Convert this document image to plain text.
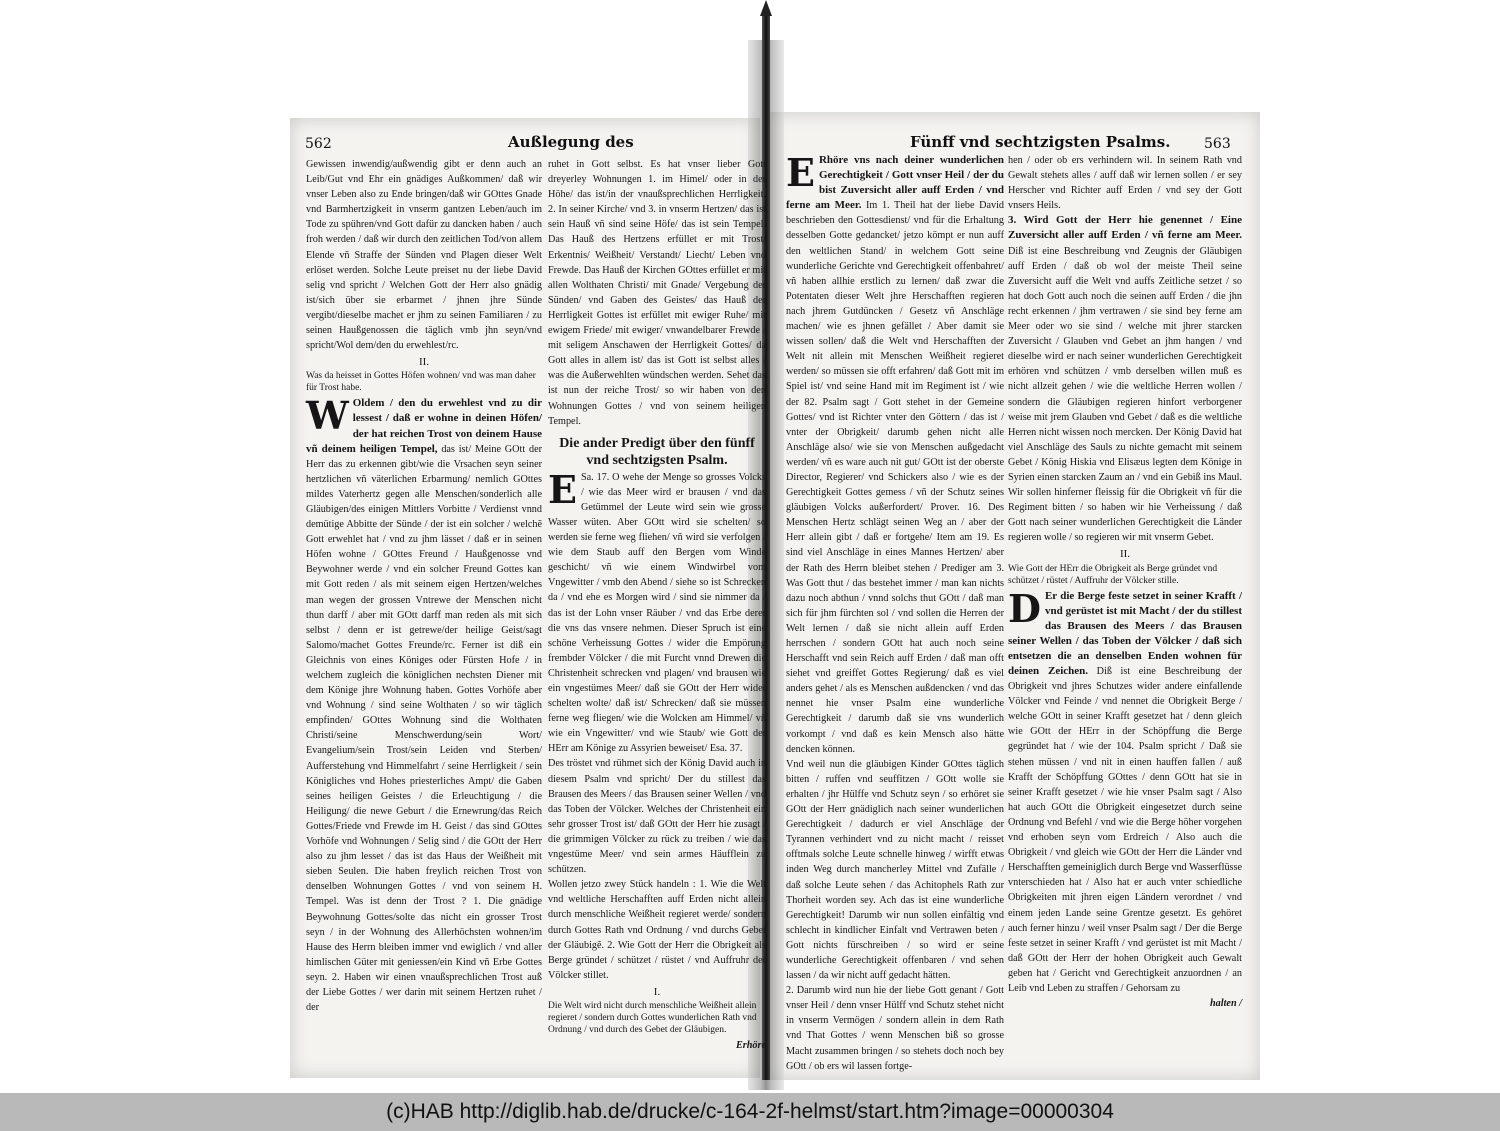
562	Außlegung des	Fünff vnd sechtzigsten Psalms. 563

Gewissen inwendig/außwendig gibt er denn auch an Leib/Gut vnd Ehr ein gnädiges Außkommen/ daß wir vnser Leben also zu Ende bringen/daß wir GOttes Gnade vnd Barmhertzigkeit in vnserm gantzen Leben/auch im Tode zu spühren/vnd Gott dafür zu dancken haben / auch froh werden / daß wir durch den zeitlichen Tod/von allem Elende vñ Straffe der Sünden vnd Plagen dieser Welt erlöset werden. Solche Leute preiset nu der liebe David selig vnd spricht / Welchen Gott der Herr also gnädig ist/sich über sie erbarmet / jhnen jhre Sünde vergibt/dieselbe machet er jhm zu seinen Familiaren / zu seinen Haußgenossen die täglich vmb jhn seyn/vnd spricht/Wol dem/den du erwehlest/rc.

II.
Was da heisset in Gottes Höfen wohnen/ vnd was man daher für Trost habe.

W Oldem / den du erwehlest vnd zu dir lessest / daß er wohne in deinen Höfen/ der hat reichen Trost von deinem Hause vñ deinem heiligen Tempel, das ist/ Meine GOtt der Herr das zu erkennen gibt/wie die Vrsachen seyn seiner hertzlichen vñ väterlichen Erbarmung/ nemlich GOttes mildes Vaterhertz gegen alle Menschen/sonderlich alle Gläubigen/des einigen Mittlers Vorbitte / Verdienst vnnd demütige Abbitte der Sünde / der ist ein solcher / welchẽ Gott erwehlet hat / vnd zu jhm lässet / daß er in seinen Höfen wohne / GOttes Freund / Haußgenosse vnd Beywohner werde / vnd ein solcher Freund Gottes kan mit Gott reden / als mit seinem eigen Hertzen/welches man wegen der grossen Vntrewe der Menschen nicht thun darff / aber mit GOtt darff man reden als mit sich selbst / denn er ist getrewe/der heilige Geist/sagt Salomo/machet Gottes Freunde/rc. Ferner ist diß ein Gleichnis von eines Königes oder Fürsten Hofe / in welchem zugleich die königlichen nechsten Diener mit dem Könige jhre Wohnung haben. Gottes Vorhöfe aber vnd Wohnung / sind seine Wolthaten / so wir täglich empfinden/ GOttes Wohnung sind die Wolthaten Christi/seine Menschwerdung/sein Wort/ Evangelium/sein Trost/sein Leiden vnd Sterben/ Aufferstehung vnd Himmelfahrt / seine Herrligkeit / sein Königliches vnd Hohes priesterliches Ampt/ die Gaben seines heiligen Geistes / die Erleuchtigung / die Heiligung/ die newe Geburt / die Ernewrung/das Reich Gottes/Friede vnd Frewde im H. Geist / das sind GOttes Vorhöfe vnd Wohnungen / Selig sind / die GOtt der Herr also zu jhm lesset / das ist das Haus der Weißheit mit sieben Seulen. Die haben freylich reichen Trost von denselben Wohnungen Gottes / vnd von seinem H. Tempel. Was ist denn der Trost ? 1. Die gnädige Beywohnung Gottes/solte das nicht ein grosser Trost seyn / in der Wohnung des Allerhöchsten wohnen/im Hause des Herrn bleiben immer vnd ewiglich / vnd aller himlischen Güter mit geniessen/ein Kind vñ Erbe Gottes seyn. 2. Haben wir einen vnaußsprechlichen Trost auß der Liebe Gottes / wer darin mit seinem Hertzen ruhet / der

ruhet in Gott selbst. Es hat vnser lieber Gott dreyerley Wohnungen 1. im Himel/ oder in der Höhe/ das ist/in der vnaußsprechlichen Herrligkeit. 2. In seiner Kirche/ vnd 3. in vnserm Hertzen/ das ist sein Hauß vñ sind seine Höfe/ das ist sein Tempel. Das Hauß des Hertzens erfüllet er mit Trost/ Erkentnis/ Weißheit/ Verstandt/ Liecht/ Leben vnd Frewde. Das Hauß der Kirchen GOttes erfüllet er mit allen Wolthaten Christi/ mit Gnade/ Vergebung der Sünden/ vnd Gaben des Geistes/ das Hauß der Herrligkeit Gottes ist erfüllet mit ewiger Ruhe/ mit ewigem Friede/ mit ewiger/ vnwandelbarer Frewde / mit seligem Anschawen der Herrligkeit Gottes/ da Gott alles in allem ist/ das ist Gott ist selbst alles / was die Außerwehlten wündschen werden. Sehet das ist nun der reiche Trost/ so wir haben von den Wohnungen Gottes / vnd von seinem heiligen Tempel.

Die ander Predigt über den fünff vnd sechtzigsten Psalm.

E Sa. 17. O wehe der Menge so grosses Volcks / wie das Meer wird er brausen / vnd das Getümmel der Leute wird sein wie grosse Wasser wüten. Aber GOtt wird sie schelten/ so werden sie ferne weg fliehen/ vñ wird sie verfolgen / wie dem Staub auff den Bergen vom Winde geschicht/ vñ wie einem Windwirbel vom Vngewitter / vmb den Abend / siehe so ist Schrecken da / vnd ehe es Morgen wird / sind sie nimmer da / das ist der Lohn vnser Räuber / vnd das Erbe derer die vns das vnsere nehmen. Dieser Spruch ist eine schöne Verheissung Gottes / wider die Empörung frembder Völcker / die mit Furcht vnnd Drewen die Christenheit schrecken vnd plagen/ vnd brausen wie ein vngestümes Meer/ daß sie GOtt der Herr wider schelten wolte/ daß ist/ Schrecken/ daß sie müssen ferne weg fliegen/ wie die Wolcken am Himmel/ vñ wie ein Vngewitter/ vnd wie Staub/ wie Gott der HErr am Könige zu Assyrien beweiset/ Esa. 37.

Des tröstet vnd rühmet sich der König David auch in diesem Psalm vnd spricht/ Der du stillest das Brausen des Meers / das Brausen seiner Wellen / vnd das Toben der Völcker. Welches der Christenheit ein sehr grosser Trost ist/ daß GOtt der Herr hie zusagt / die grimmigen Völcker zu rück zu treiben / wie das vngestüme Meer/ vnd sein armes Häufflein zu schützen.

Wollen jetzo zwey Stück handeln : 1. Wie die Welt vnd weltliche Herschafften auff Erden nicht allein durch menschliche Weißheit regieret werde/ sondern durch Gottes Rath vnd Ordnung / vnd durchs Gebet der Gläubigẽ. 2. Wie Gott der Herr die Obrigkeit als Berge gründet / schützet / rüstet / vnd Auffruhr der Völcker stillet.

I.
Die Welt wird nicht durch menschliche Weißheit allein regieret / sondern durch Gottes wunderlichen Rath vnd Ordnung / vnd durch des Gebet der Gläubigen.
Erhöre

E Rhöre vns nach deiner wunderlichen Gerechtigkeit / Gott vnser Heil / der du bist Zuversicht aller auff Erden / vnd ferne am Meer. Im 1. Theil hat der liebe David beschrieben den Gottesdienst/ vnd für die Erhaltung desselben Gotte gedancket/ jetzo kömpt er nun auff den weltlichen Stand/ in welchem Gott seine wunderliche Gerichte vnd Gerechtigkeit offenbahret/ vñ haben allhie erstlich zu lernen/ daß zwar die Potentaten dieser Welt jhre Herschafften regieren nach jhrem Gutdüncken / Gesetz vñ Anschläge machen/ wie es jhnen gefället / Aber damit sie wissen sollen/ daß die Welt vnd Herschafften der Welt nit allein mit Menschen Weißheit regieret werden/ so müssen sie offt erfahren/ daß Gott mit im Spiel ist/ vnd seine Hand mit im Regiment ist / wie der 82. Psalm sagt / Gott stehet in der Gemeine Gottes/ vnd ist Richter vnter den Göttern / das ist / vnter der Obrigkeit/ darumb gehen nicht alle Anschläge also/ wie sie von Menschen außgedacht werden/ vñ es ware auch nit gut/ GOtt ist der oberste Director, Regierer/ vnd Schickers also / wie es der Gerechtigkeit Gottes gemess / vñ der Schutz seines gläubigen Volcks außerfordert/ Prover. 16. Des Menschen Hertz schlägt seinen Weg an / aber der Herr allein gibt / daß er fortgehe/ Item am 19. Es sind viel Anschläge in eines Mannes Hertzen/ aber der Rath des Herrn bleibet stehen / Prediger am 3. Was Gott thut / das bestehet immer / man kan nichts dazu noch abthun / vnnd solchs thut GOtt / daß man sich für jhm fürchten sol / vnd sollen die Herren der Welt lernen / daß sie nicht allein auff Erden herrschen / sondern GOtt hat auch noch seine Herschafft vnd sein Reich auff Erden / daß man offt siehet vnd greiffet Gottes Regierung/ daß es viel anders gehet / als es Menschen außdencken / vnd das nennet hie vnser Psalm eine wunderliche Gerechtigkeit / darumb daß sie vns wunderlich vorkompt / vnd daß es kein Mensch also hätte dencken können.

Vnd weil nun die gläubigen Kinder GOttes täglich bitten / ruffen vnd seuffitzen / GOtt wolle sie erhalten / jhr Hülffe vnd Schutz seyn / so erhöret sie GOtt der Herr gnädiglich nach seiner wunderlichen Gerechtigkeit / dadurch er viel Anschläge der Tyrannen verhindert vnd zu nicht macht / reisset offtmals solche Leute schnelle hinweg / wirfft etwas inden Weg durch mancherley Mittel vnd Zufälle / daß solche Leute sehen / das Achitophels Rath zur Thorheit worden sey. Ach das ist eine wunderliche Gerechtigkeit! Darumb wir nun sollen einfältig vnd schlecht in kindlicher Einfalt vnd Vertrawen beten / Gott nichts fürschreiben / so wird er seine wunderliche Gerechtigkeit offenbaren / vnd sehen lassen / da wir nicht auff gedacht hätten.

2. Darumb wird nun hie der liebe Gott genant / Gott vnser Heil / denn vnser Hülff vnd Schutz stehet nicht in vnserm Vermögen / sondern allein in dem Rath vnd That Gottes / wenn Menschen biß so grosse Macht zusammen bringen / so stehets doch noch bey GOtt / ob ers wil lassen fortge-

hen / oder ob ers verhindern wil. In seinem Rath vnd Gewalt stehets alles / auff daß wir lernen sollen / er sey Herscher vnd Richter auff Erden / vnd sey der Gott vnsers Heils.

3. Wird Gott der Herr hie genennet / Eine Zuversicht aller auff Erden / vñ ferne am Meer. Diß ist eine Beschreibung vnd Zeugnis der Gläubigen auff Erden / daß ob wol der meiste Theil seine Zuversicht auff die Welt vnd auffs Zeitliche setzet / so hat doch Gott auch noch die seinen auff Erden / die jhn recht erkennen / jhm vertrawen / sie sind bey ferne am Meer oder wo sie sind / welche mit jhrer starcken Zuversicht / Glauben vnd Gebet an jhm hangen / vnd dieselbe wird er nach seiner wunderlichen Gerechtigkeit erhören vnd schützen / vmb derselben willen muß es nicht allzeit gehen / wie die weltliche Herren wollen / sondern die Gläubigen regieren hinfort verborgener weise mit jrem Glauben vnd Gebet / daß es die weltliche Herren nicht wissen noch mercken. Der König David hat viel Anschläge des Sauls zu nichte gemacht mit seinem Gebet / König Hiskia vnd Elisæus legten dem Könige in Syrien einen starcken Zaum an / vnd ein Gebiß ins Maul. Wir sollen hinferner fleissig für die Obrigkeit vñ für die Regiment bitten / so haben wir hie Verheissung / daß Gott nach seiner wunderlichen Gerechtigkeit die Länder regieren wolle / so regieren wir mit vnserm Gebet.

II.
Wie Gott der HErr die Obrigkeit als Berge gründet vnd schützet / rüstet / Auffruhr der Völcker stille.

D Er die Berge feste setzet in seiner Krafft / vnd gerüstet ist mit Macht / der du stillest das Brausen des Meers / das Brausen seiner Wellen / das Toben der Völcker / daß sich entsetzen die an denselben Enden wohnen für deinen Zeichen. Diß ist eine Beschreibung der Obrigkeit vnd jhres Schutzes wider andere einfallende Völcker vnd Feinde / vnd nennet die Obrigkeit Berge / welche GOtt in seiner Krafft gesetzet hat / denn gleich wie GOtt der HErr in der Schöpffung die Berge gegründet hat / wie der 104. Psalm spricht / Daß sie stehen müssen / vnd nit in einen hauffen fallen / auß Krafft der Schöpffung GOttes / denn GOtt hat sie in seiner Krafft gesetzet / wie hie vnser Psalm sagt / Also hat auch GOtt die Obrigkeit eingesetzet durch seine Ordnung vnd Befehl / vnd wie die Berge höher vorgehen vnd erhoben seyn vom Erdreich / Also auch die Obrigkeit / vnd gleich wie GOtt der Herr die Länder vnd Herschafften gemeiniglich durch Berge vnd Wasserflüsse vnterschieden hat / Also hat er auch vnter schiedliche Obrigkeiten mit jhren eigen Ländern verordnet / vnd einem jeden Lande seine Grentze gesetzt. Es gehöret auch ferner hinzu / weil vnser Psalm sagt / Der die Berge feste setzet in seiner Krafft / vnd gerüstet ist mit Macht / daß GOtt der Herr der hohen Obrigkeit auch Gewalt geben hat / Gericht vnd Gerechtigkeit anzuordnen / an Leib vnd Leben zu straffen / Gehorsam zu

halten /
(c)HAB http://diglib.hab.de/drucke/c-164-2f-helmst/start.htm?image=00000304
